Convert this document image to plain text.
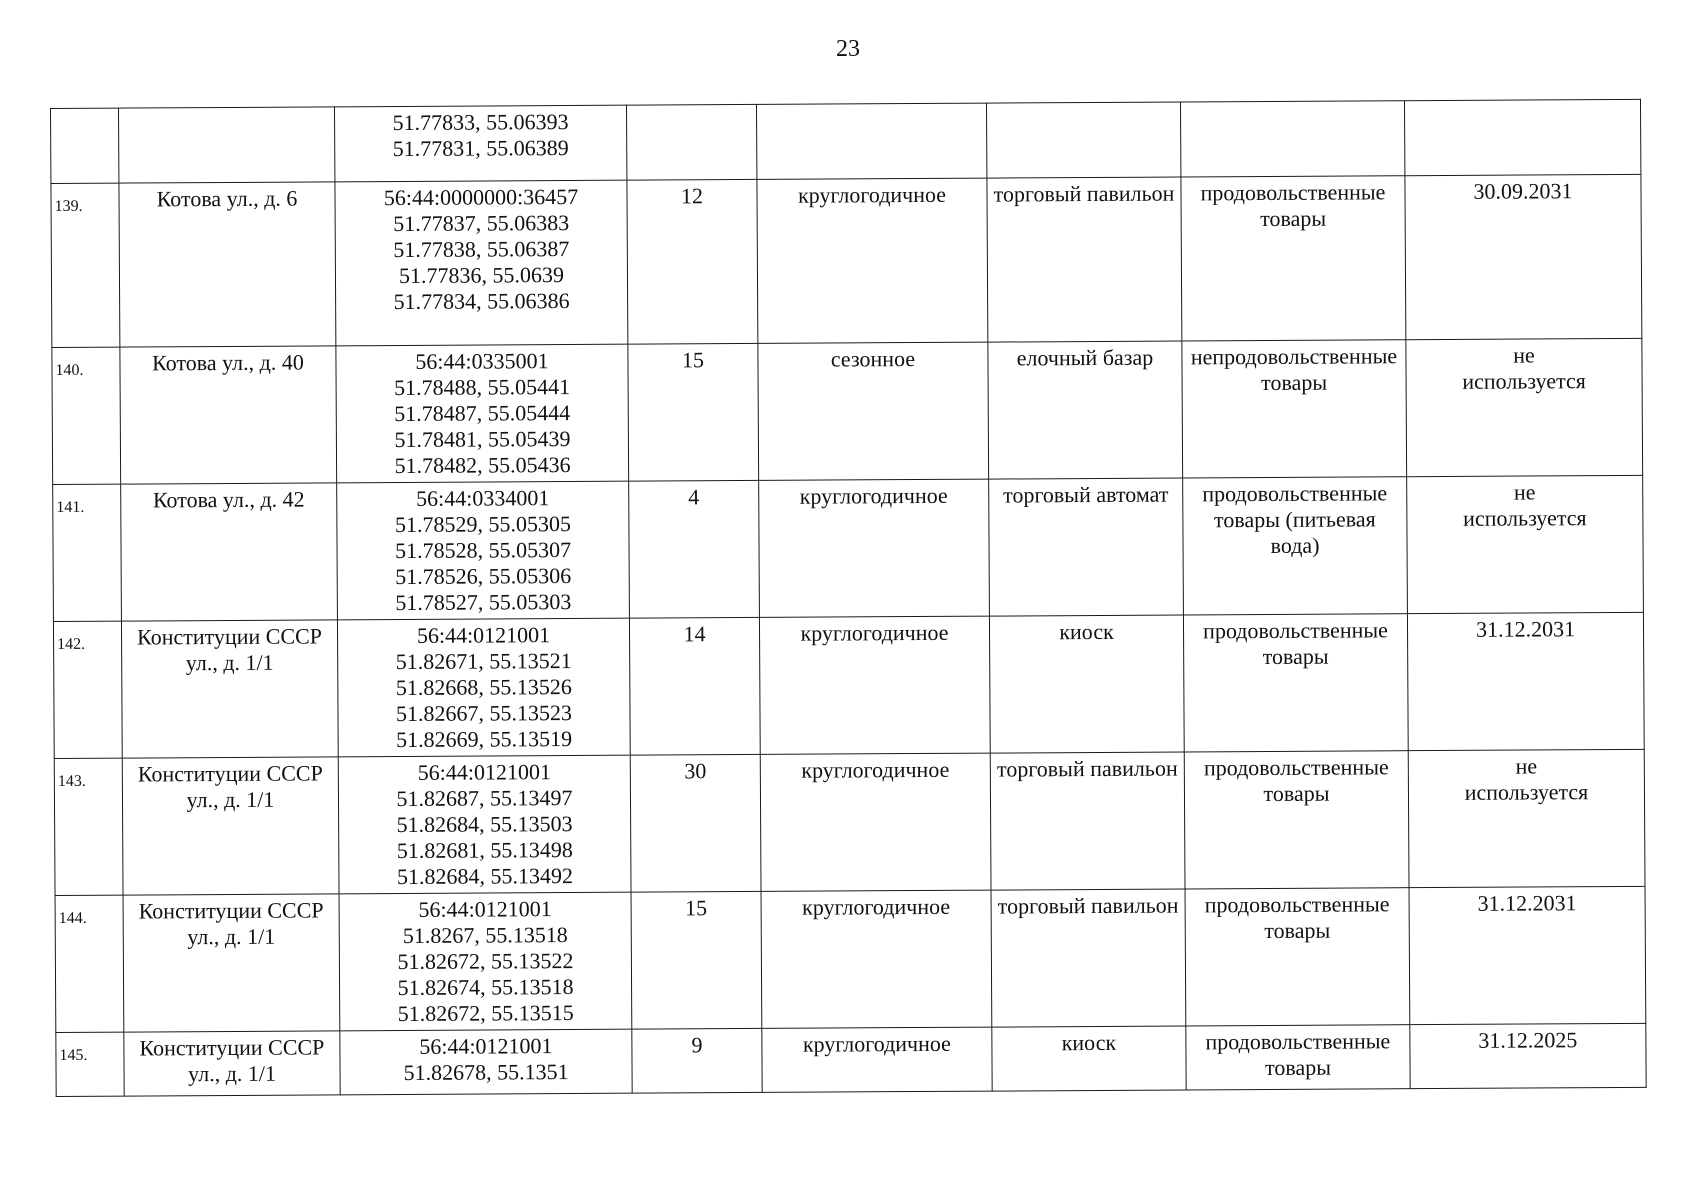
23

		51.77833, 55.06393
51.77831, 55.06389					

139.	Котова ул., д. 6	56:44:0000000:36457
51.77837, 55.06383
51.77838, 55.06387
51.77836, 55.0639
51.77834, 55.06386	12	круглогодичное	торговый павильон	продовольственные
товары	30.09.2031

140.	Котова ул., д. 40	56:44:0335001
51.78488, 55.05441
51.78487, 55.05444
51.78481, 55.05439
51.78482, 55.05436	15	сезонное	елочный базар	непродовольственные
товары	не
используется

141.	Котова ул., д. 42	56:44:0334001
51.78529, 55.05305
51.78528, 55.05307
51.78526, 55.05306
51.78527, 55.05303	4	круглогодичное	торговый автомат	продовольственные
товары (питьевая
вода)	не
используется

142.	Конституции СССР
ул., д. 1/1	56:44:0121001
51.82671, 55.13521
51.82668, 55.13526
51.82667, 55.13523
51.82669, 55.13519	14	круглогодичное	киоск	продовольственные
товары	31.12.2031

143.	Конституции СССР
ул., д. 1/1	56:44:0121001
51.82687, 55.13497
51.82684, 55.13503
51.82681, 55.13498
51.82684, 55.13492	30	круглогодичное	торговый павильон	продовольственные
товары	не
используется

144.	Конституции СССР
ул., д. 1/1	56:44:0121001
51.8267, 55.13518
51.82672, 55.13522
51.82674, 55.13518
51.82672, 55.13515	15	круглогодичное	торговый павильон	продовольственные
товары	31.12.2031

145.	Конституции СССР
ул., д. 1/1	56:44:0121001
51.82678, 55.1351	9	круглогодичное	киоск	продовольственные
товары	31.12.2025
